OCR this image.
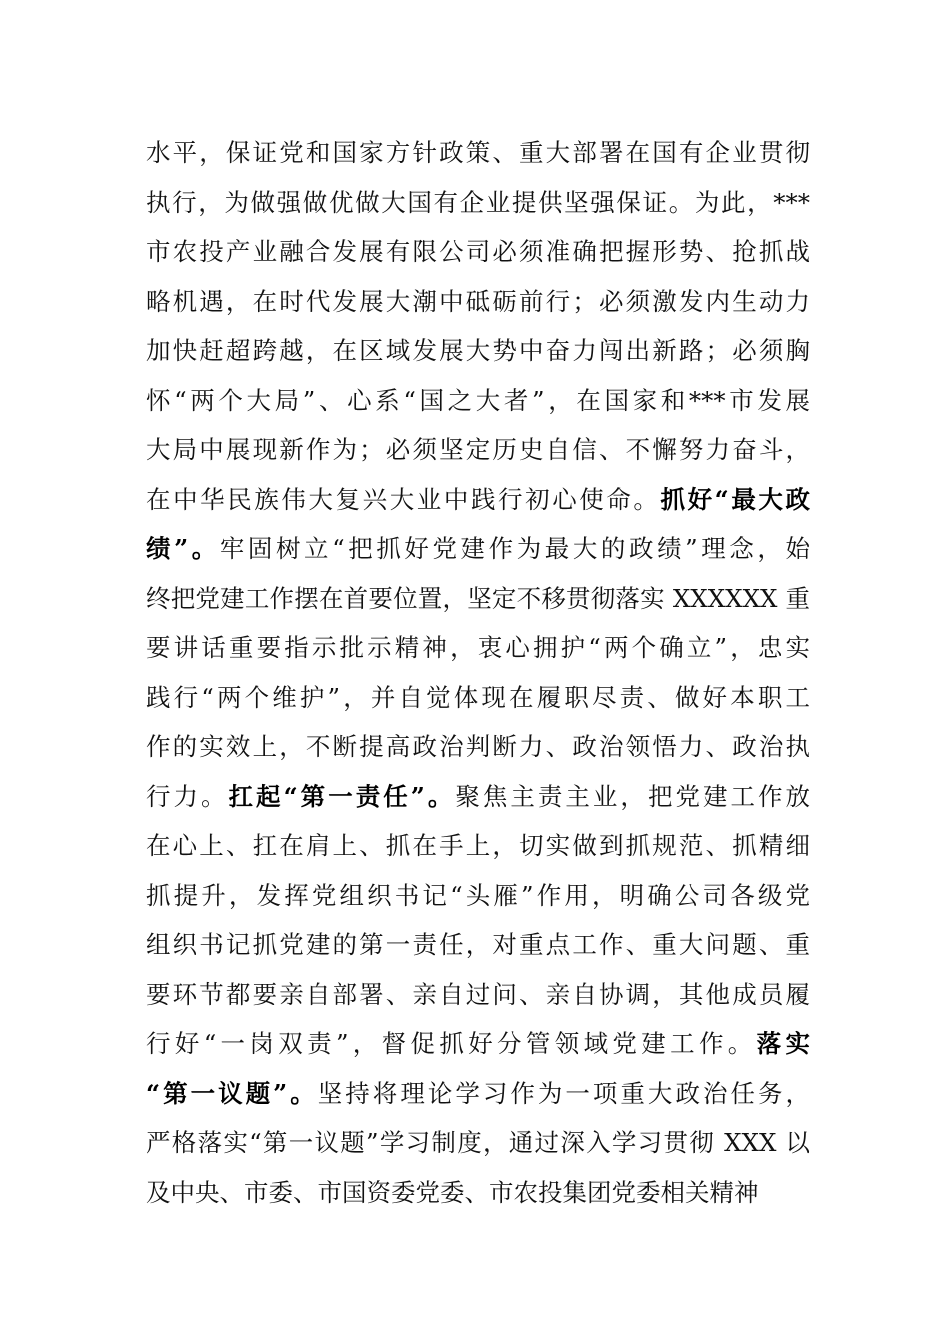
水平，保证党和国家方针政策、重大部署在国有企业贯彻
执行，为做强做优做大国有企业提供坚强保证。为此，***
市农投产业融合发展有限公司必须准确把握形势、抢抓战
略机遇，在时代发展大潮中砥砺前行；必须激发内生动力
加快赶超跨越，在区域发展大势中奋力闯出新路；必须胸
怀“两个大局”、心系“国之大者”，在国家和***市发展
大局中展现新作为；必须坚定历史自信、不懈努力奋斗，
在中华民族伟大复兴大业中践行初心使命。抓好“最大政
绩”。牢固树立“把抓好党建作为最大的政绩”理念，始
终把党建工作摆在首要位置，坚定不移贯彻落实 XXXXXX 重
要讲话重要指示批示精神，衷心拥护“两个确立”，忠实
践行“两个维护”，并自觉体现在履职尽责、做好本职工
作的实效上，不断提高政治判断力、政治领悟力、政治执
行力。扛起“第一责任”。聚焦主责主业，把党建工作放
在心上、扛在肩上、抓在手上，切实做到抓规范、抓精细
抓提升，发挥党组织书记“头雁”作用，明确公司各级党
组织书记抓党建的第一责任，对重点工作、重大问题、重
要环节都要亲自部署、亲自过问、亲自协调，其他成员履
行好“一岗双责”，督促抓好分管领域党建工作。落实
“第一议题”。坚持将理论学习作为一项重大政治任务，
严格落实“第一议题”学习制度，通过深入学习贯彻 XXX 以
及中央、市委、市国资委党委、市农投集团党委相关精神
